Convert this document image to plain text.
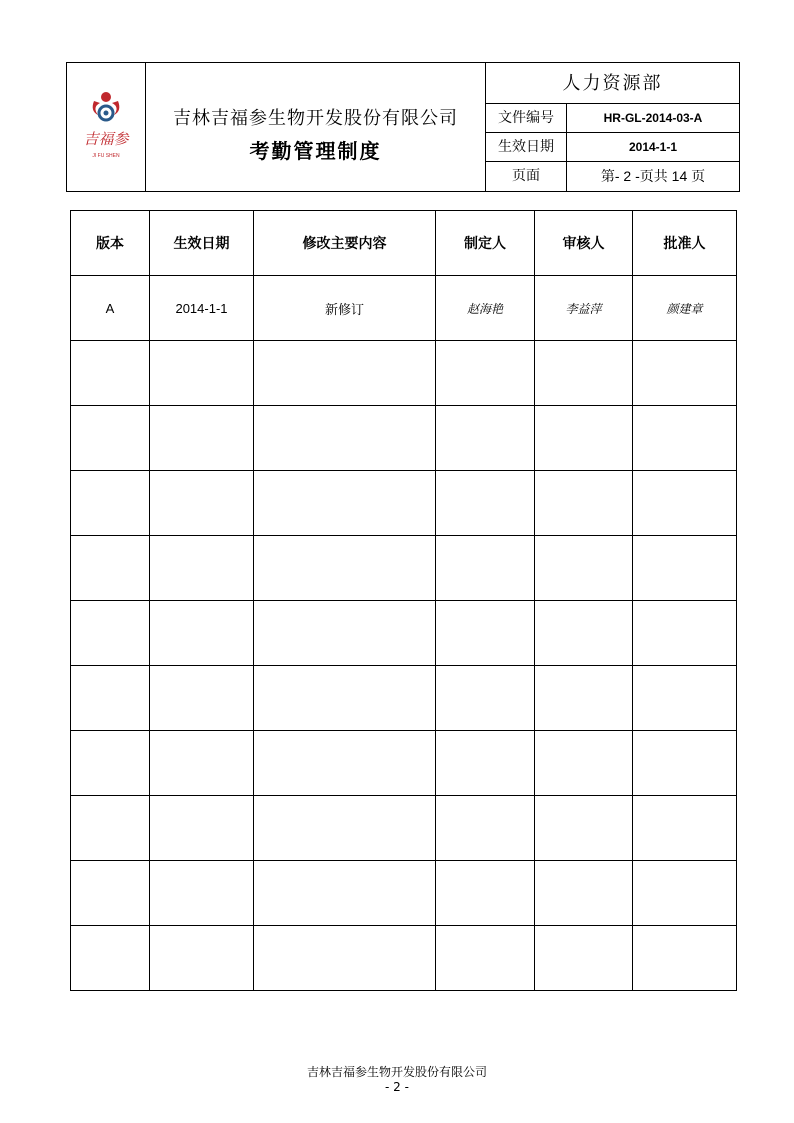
吉福参
JI FU SHEN
吉林吉福参生物开发股份有限公司
考勤管理制度
人力资源部
文件编号	HR-GL-2014-03-A
生效日期	2014-1-1
页面	第- 2 -页共 14 页
版本	生效日期	修改主要内容	制定人	审核人	批准人
A	2014-1-1	新修订	赵海艳	李益萍	颜建章

吉林吉福参生物开发股份有限公司
- 2 -
